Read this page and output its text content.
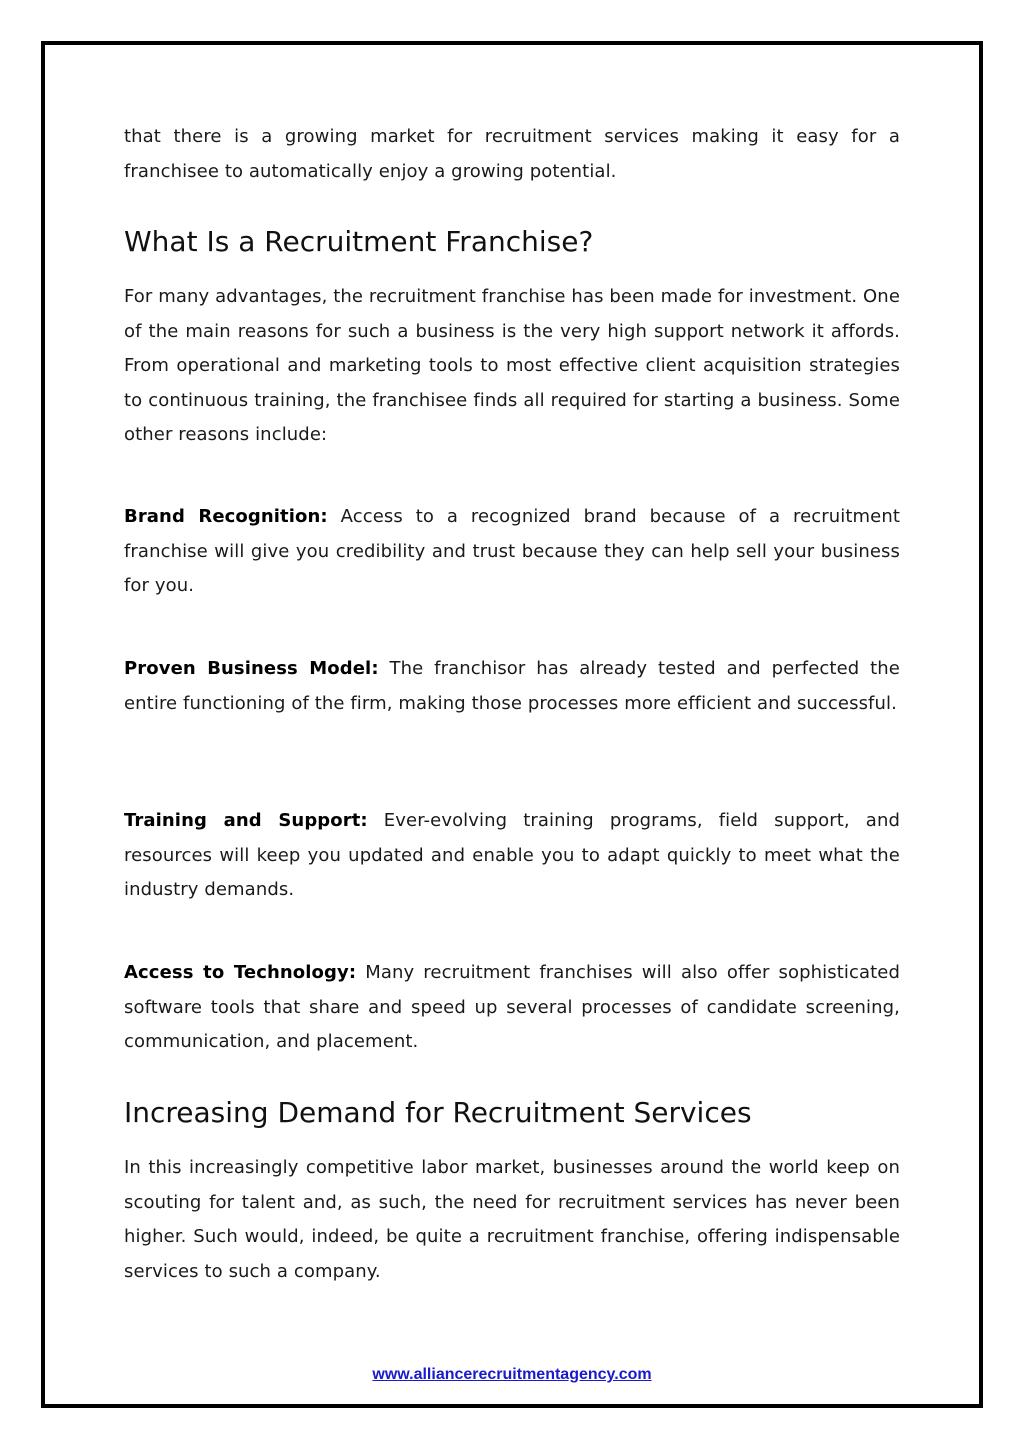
that there is a growing market for recruitment services making it easy for a franchisee to automatically enjoy a growing potential.

What Is a Recruitment Franchise?

For many advantages, the recruitment franchise has been made for investment. One of the main reasons for such a business is the very high support network it affords. From operational and marketing tools to most effective client acquisition strategies to continuous training, the franchisee finds all required for starting a business. Some other reasons include:

Brand Recognition: Access to a recognized brand because of a recruitment franchise will give you credibility and trust because they can help sell your business for you.

Proven Business Model: The franchisor has already tested and perfected the entire functioning of the firm, making those processes more efficient and successful.

Training and Support: Ever-evolving training programs, field support, and resources will keep you updated and enable you to adapt quickly to meet what the industry demands.

Access to Technology: Many recruitment franchises will also offer sophisticated software tools that share and speed up several processes of candidate screening, communication, and placement.

Increasing Demand for Recruitment Services

In this increasingly competitive labor market, businesses around the world keep on scouting for talent and, as such, the need for recruitment services has never been higher. Such would, indeed, be quite a recruitment franchise, offering indispensable services to such a company.

www.alliancerecruitmentagency.com
